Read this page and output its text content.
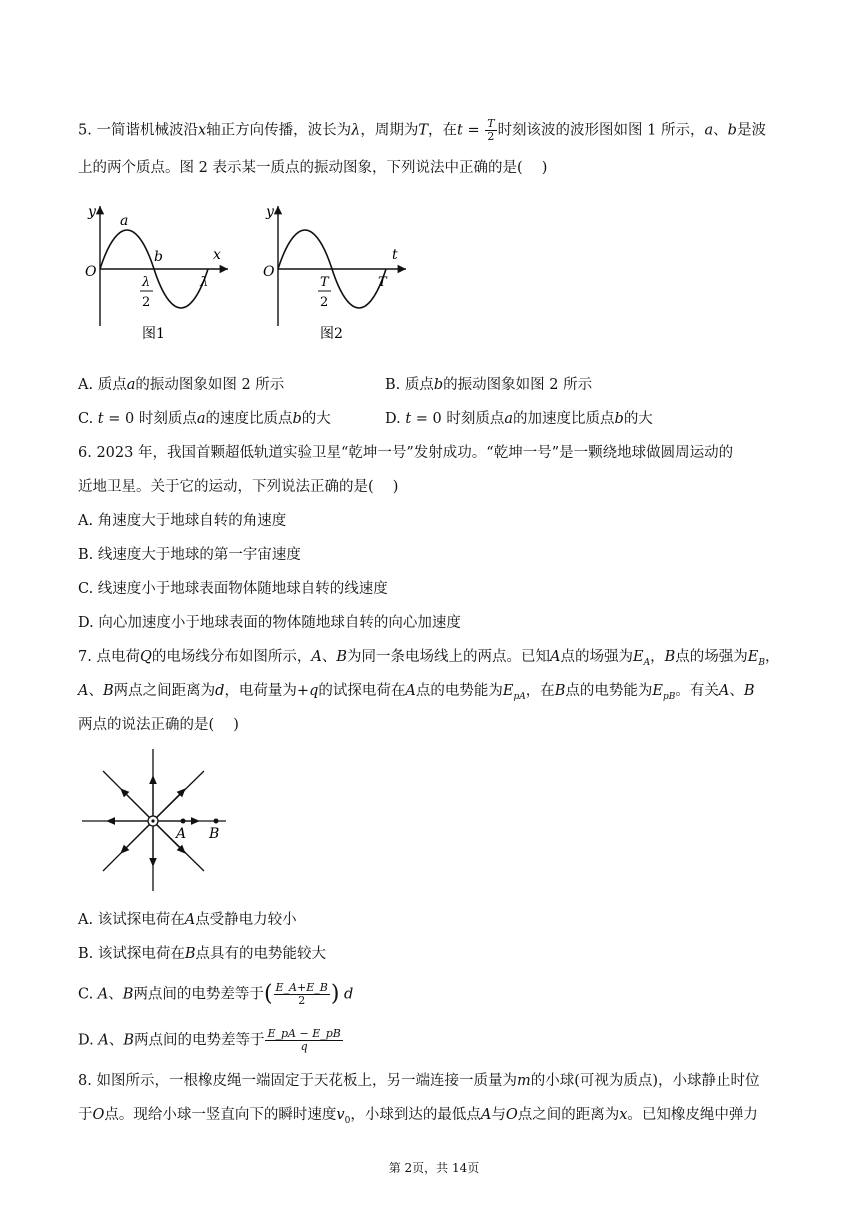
5. 一简谐机械波沿x轴正方向传播，波长为λ，周期为T，在$t = \frac{T}{2}$ 时刻该波的波形图如图 1 所示，a、b是波
上的两个质点。图 2 表示某一质点的振动图象，下列说法中正确的是(　 )
y
x
O
a
b
λ
2
λ
图1
y
t
O
T
2
T
图2
A. 质点a的振动图象如图 2 所示	B. 质点b的振动图象如图 2 所示
C. t = 0 时刻质点a的速度比质点b的大	D. t = 0 时刻质点a的加速度比质点b的大
6. 2023 年，我国首颗超低轨道实验卫星“乾坤一号”发射成功。“乾坤一号”是一颗绕地球做圆周运动的
近地卫星。关于它的运动，下列说法正确的是(　 )
A. 角速度大于地球自转的角速度
B. 线速度大于地球的第一宇宙速度
C. 线速度小于地球表面物体随地球自转的线速度
D. 向心加速度小于地球表面的物体随地球自转的向心加速度
7. 点电荷Q的电场线分布如图所示，A、B为同一条电场线上的两点。已知A点的场强为$E_A$，B点的场强为$E_B$，
A、B两点之间距离为d，电荷量为+q的试探电荷在A点的电势能为$E_{pA}$，在B点的电势能为$E_{pB}$。有关A、B
两点的说法正确的是(　 )
A B
A. 该试探电荷在A点受静电力较小
B. 该试探电荷在B点具有的电势能较大
C. A、B两点间的电势差等于( $\frac{E\_A+E\_B}{2}$ ) d
D. A、B两点间的电势差等于 $\frac{E\_pA - E\_pB}{q}$
8. 如图所示，一根橡皮绳一端固定于天花板上，另一端连接一质量为m的小球(可视为质点)，小球静止时位
于O点。现给小球一竖直向下的瞬时速度$v_0$，小球到达的最低点A与O点之间的距离为x。已知橡皮绳中弹力
第 2页，共 14页
